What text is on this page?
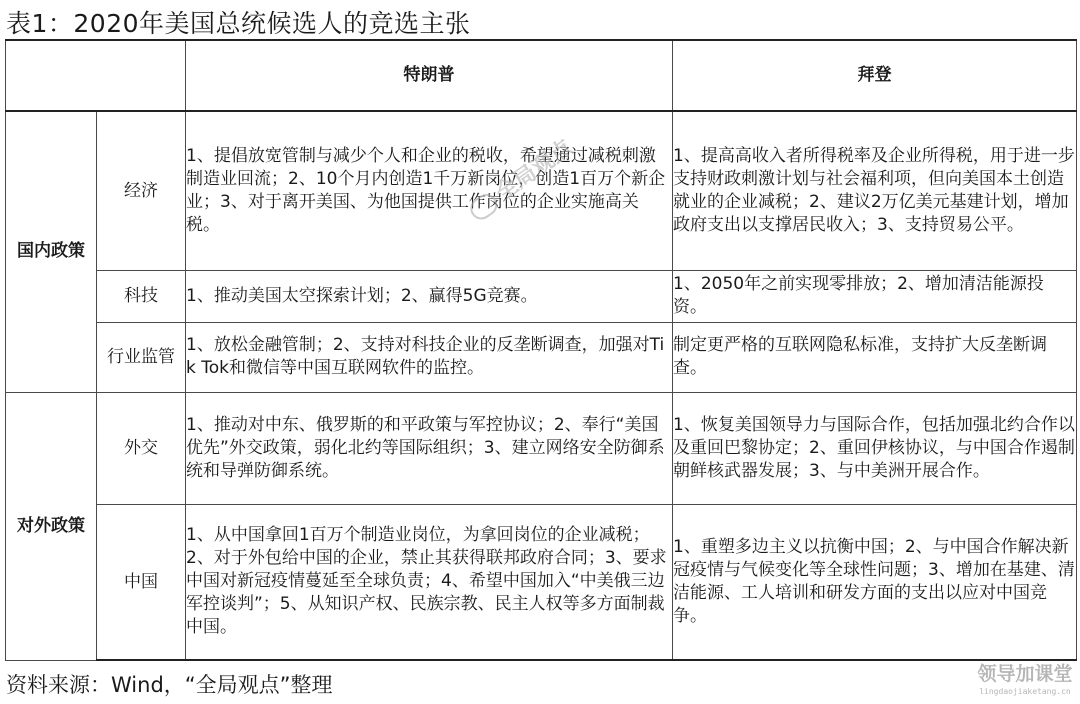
表1：2020年美国总统候选人的竞选主张
		特朗普	拜登
国内政策	经济	1、提倡放宽管制与减少个人和企业的税收，希望通过减税刺激制造业回流；2、10个月内创造1千万新岗位，创造1百万个新企业；3、对于离开美国、为他国提供工作岗位的企业实施高关税。	1、提高高收入者所得税率及企业所得税，用于进一步支持财政刺激计划与社会福利项，但向美国本土创造就业的企业减税；2、建议2万亿美元基建计划，增加政府支出以支撑居民收入；3、支持贸易公平。
	科技	1、推动美国太空探索计划；2、赢得5G竞赛。	1、2050年之前实现零排放；2、增加清洁能源投资。
	行业监管	1、放松金融管制；2、支持对科技企业的反垄断调查，加强对Tik Tok和微信等中国互联网软件的监控。	制定更严格的互联网隐私标准，支持扩大反垄断调查。
对外政策	外交	1、推动对中东、俄罗斯的和平政策与军控协议；2、奉行“美国优先”外交政策，弱化北约等国际组织；3、建立网络安全防御系统和导弹防御系统。	1、恢复美国领导力与国际合作，包括加强北约合作以及重回巴黎协定；2、重回伊核协议，与中国合作遏制朝鲜核武器发展；3、与中美洲开展合作。
	中国	1、从中国拿回1百万个制造业岗位，为拿回岗位的企业减税；2、对于外包给中国的企业，禁止其获得联邦政府合同；3、要求中国对新冠疫情蔓延至全球负责；4、希望中国加入“中美俄三边军控谈判”；5、从知识产权、民族宗教、民主人权等多方面制裁中国。	1、重塑多边主义以抗衡中国；2、与中国合作解决新冠疫情与气候变化等全球性问题；3、增加在基建、清洁能源、工人培训和研发方面的支出以应对中国竞争。
全局观点
资料来源：Wind，“全局观点”整理	领导加课堂
lingdaojiaketang.cn
